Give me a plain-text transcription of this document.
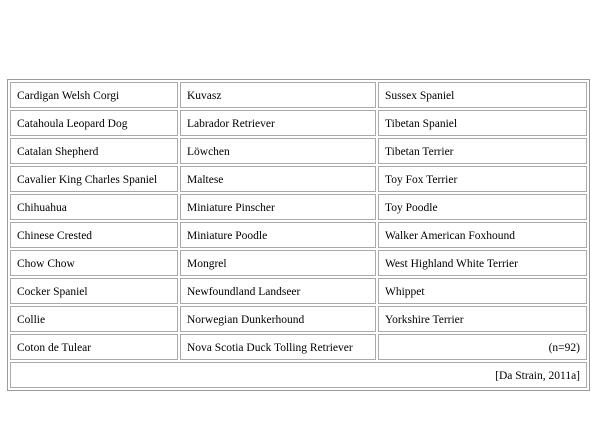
Cardigan Welsh Corgi	Kuvasz	Sussex Spaniel
Catahoula Leopard Dog	Labrador Retriever	Tibetan Spaniel
Catalan Shepherd	Löwchen	Tibetan Terrier
Cavalier King Charles Spaniel	Maltese	Toy Fox Terrier
Chihuahua	Miniature Pinscher	Toy Poodle
Chinese Crested	Miniature Poodle	Walker American Foxhound
Chow Chow	Mongrel	West Highland White Terrier
Cocker Spaniel	Newfoundland Landseer	Whippet
Collie	Norwegian Dunkerhound	Yorkshire Terrier
Coton de Tulear	Nova Scotia Duck Tolling Retriever	(n=92)
[Da Strain, 2011a]		
